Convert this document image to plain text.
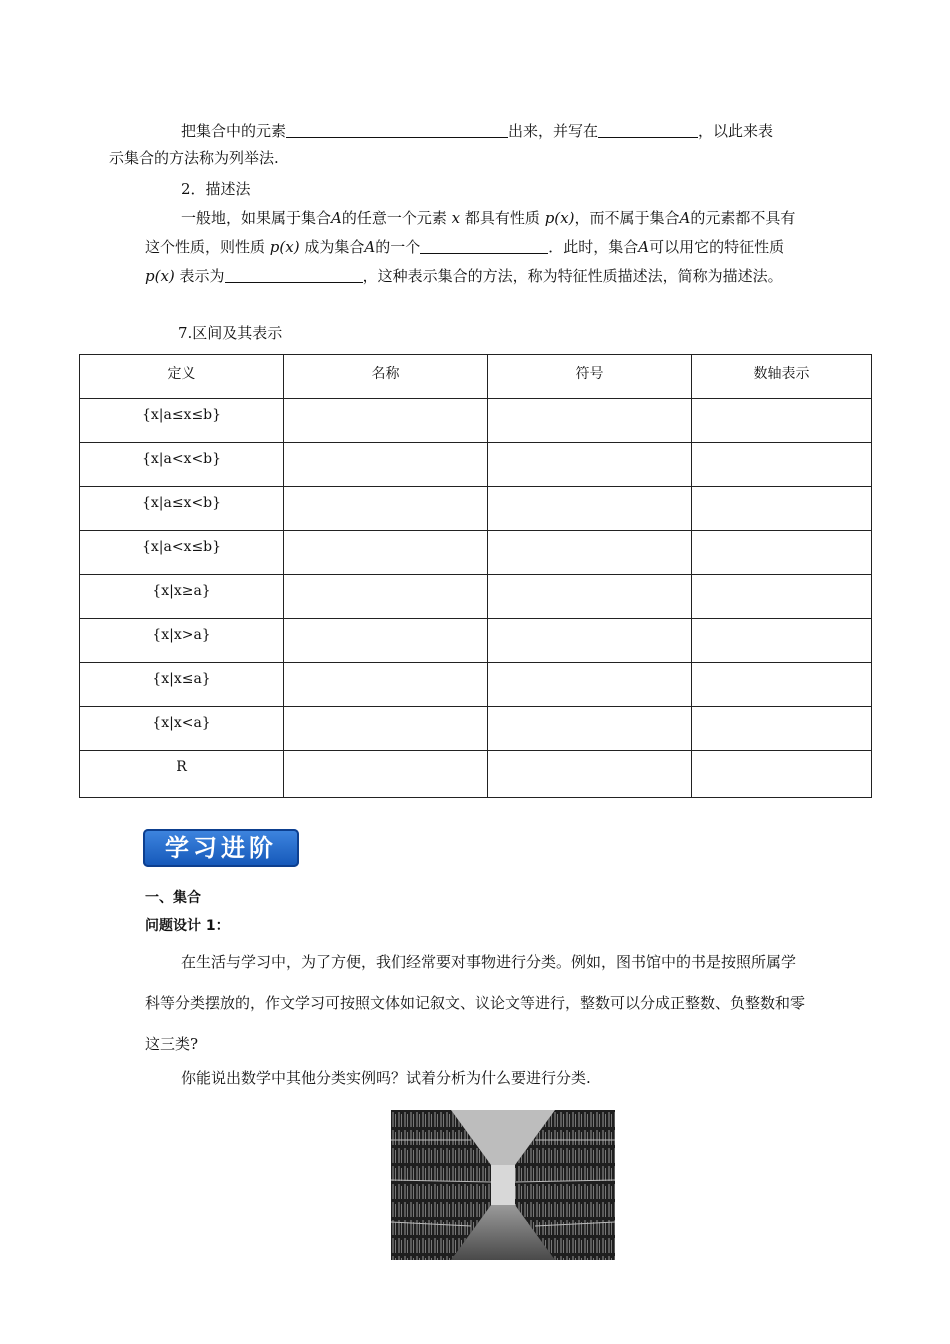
把集合中的元素	出来，并写在	，以此来表
示集合的方法称为列举法.

2．描述法

一般地，如果属于集合A的任意一个元素 x 都具有性质 p(x)，而不属于集合A的元素都不具有这个性质，则性质 p(x) 成为集合A的一个	．此时，集合A可以用它的特征性质 p(x) 表示为	，这种表示集合的方法，称为特征性质描述法，简称为描述法。

7.区间及其表示

定义	名称	符号	数轴表示
{x|a≤x≤b}			
{x|a<x<b}			
{x|a≤x<b}			
{x|a<x≤b}			
{x|x≥a}			
{x|x>a}			
{x|x≤a}			
{x|x<a}			
R			
学习进阶

一、集合

问题设计 1：

在生活与学习中，为了方便，我们经常要对事物进行分类。例如，图书馆中的书是按照所属学科等分类摆放的，作文学习可按照文体如记叙文、议论文等进行，整数可以分成正整数、负整数和零这三类?

你能说出数学中其他分类实例吗？试着分析为什么要进行分类.
